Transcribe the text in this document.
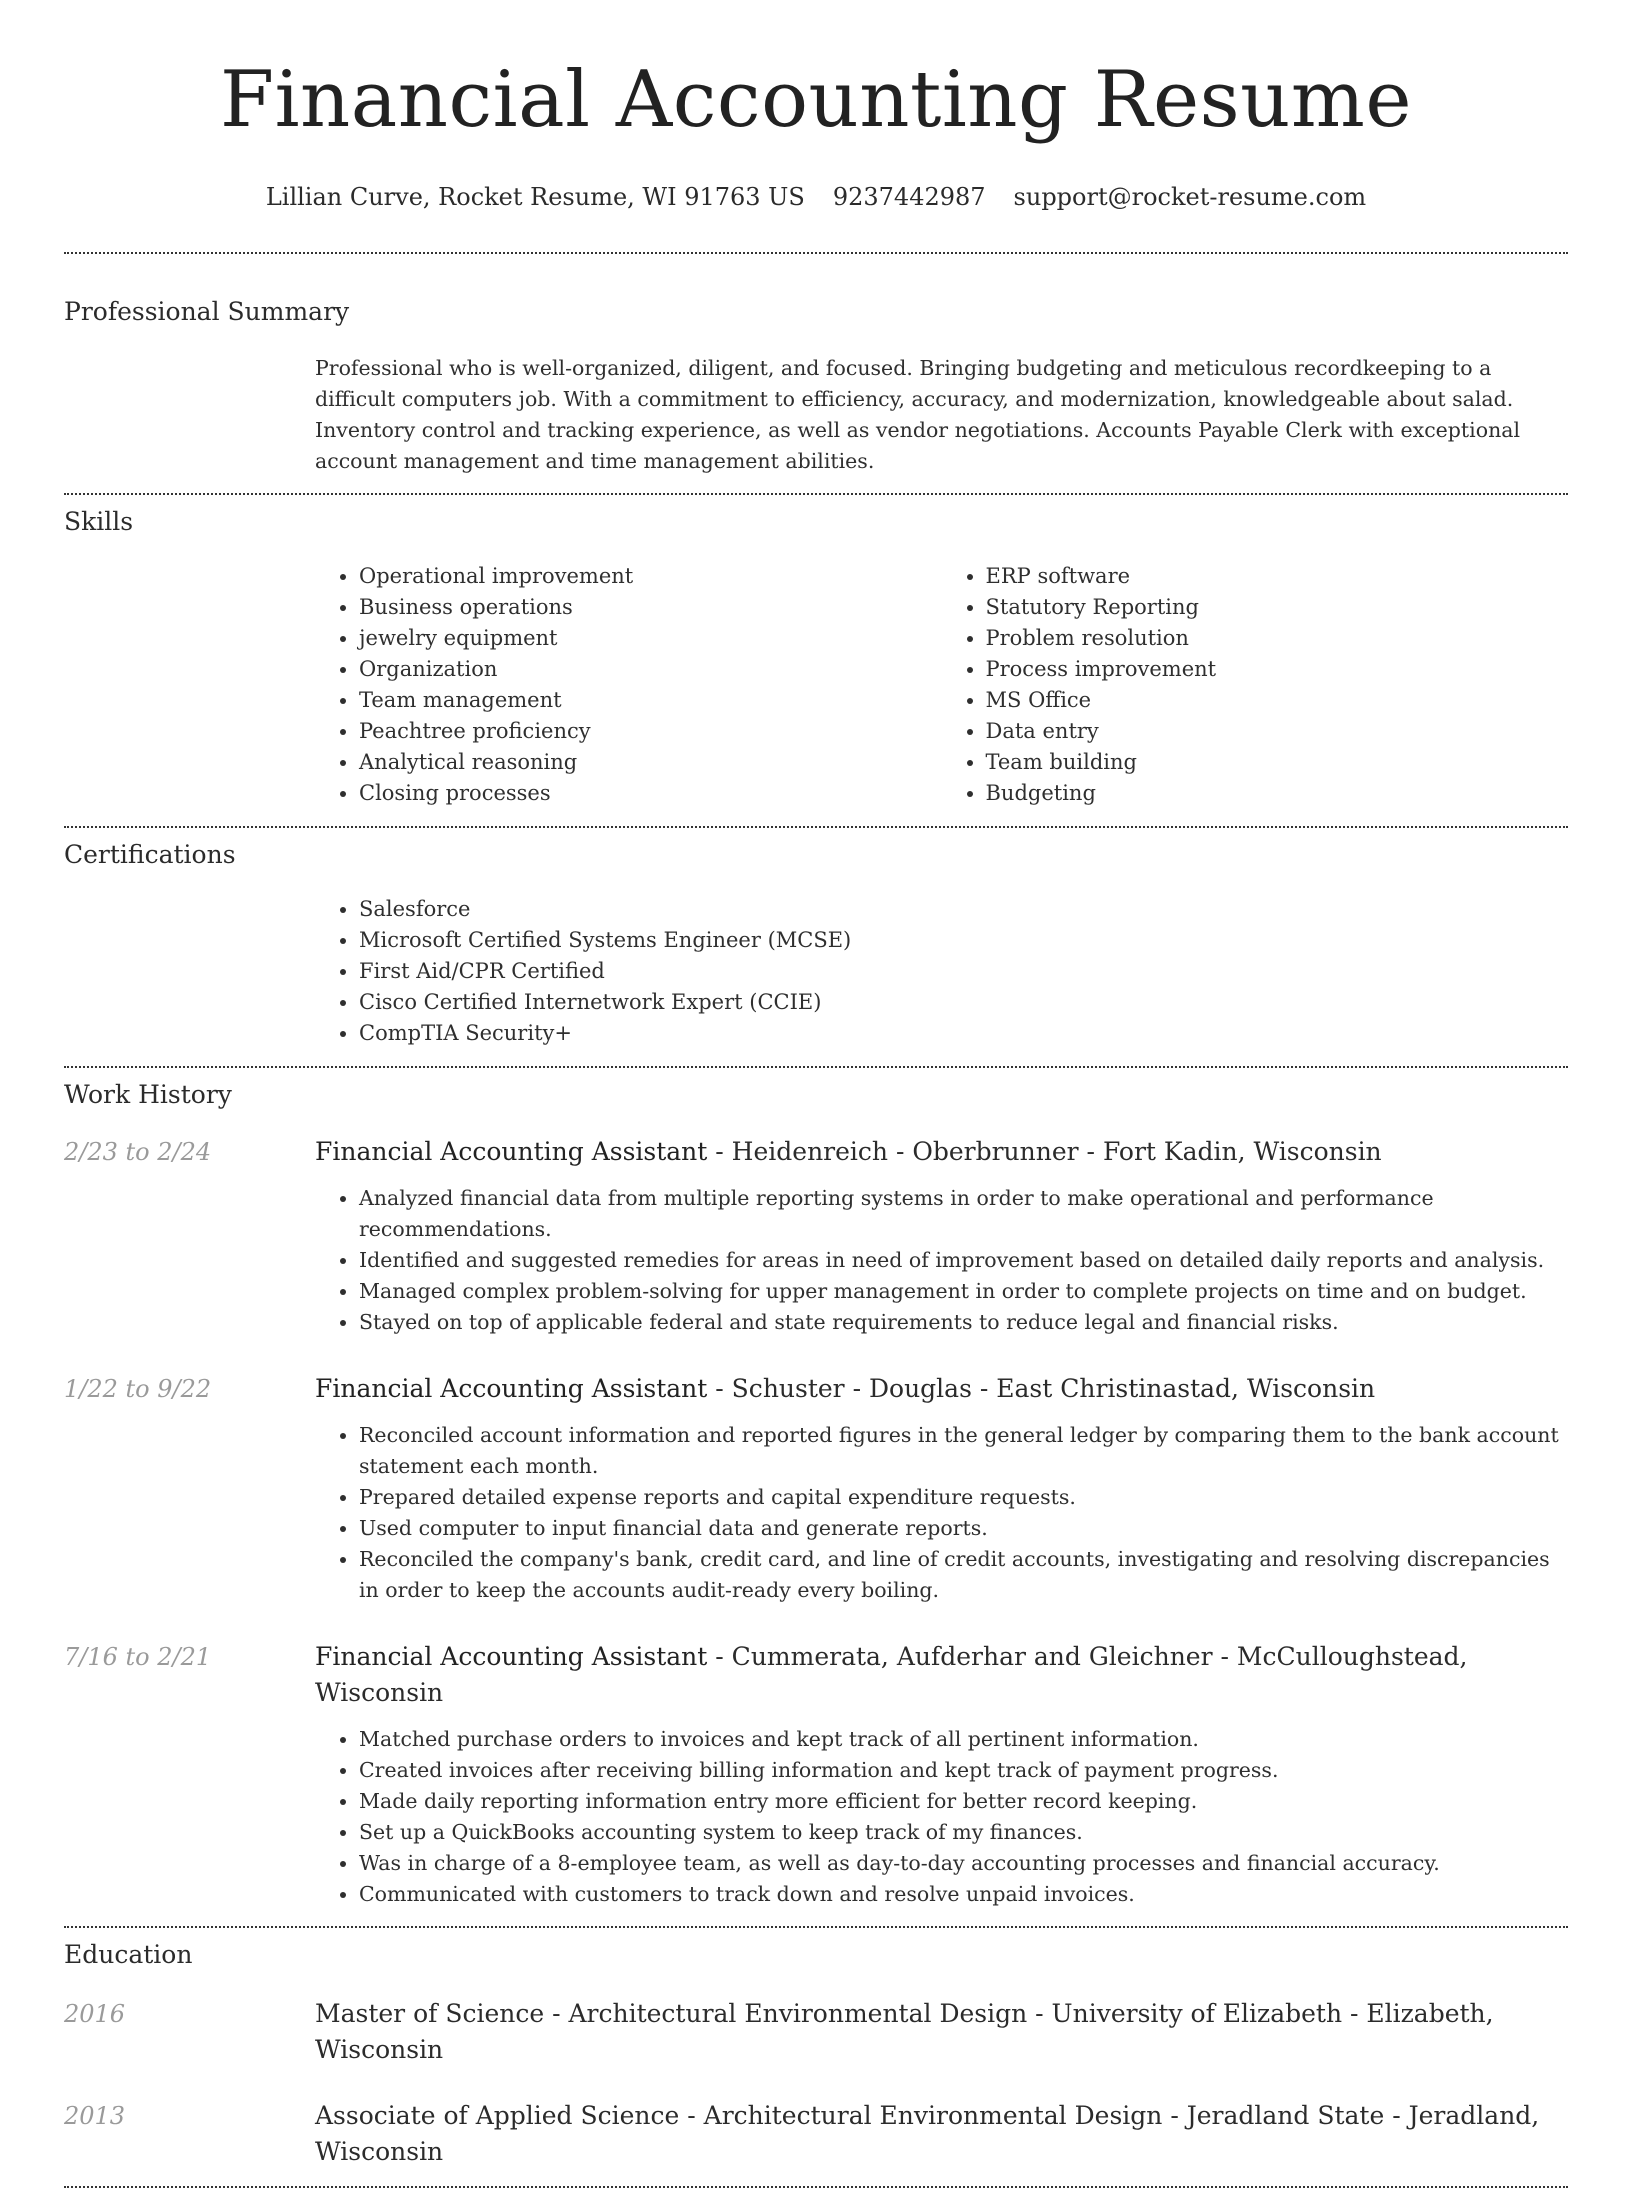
Financial Accounting Resume
Lillian Curve, Rocket Resume, WI 91763 US 9237442987 support@rocket-resume.com
Professional Summary

Professional who is well-organized, diligent, and focused. Bringing budgeting and meticulous recordkeeping to a difficult computers job. With a commitment to efficiency, accuracy, and modernization, knowledgeable about salad. Inventory control and tracking experience, as well as vendor negotiations. Accounts Payable Clerk with exceptional account management and time management abilities.

Skills
• Operational improvement
• Business operations
• jewelry equipment
• Organization
• Team management
• Peachtree proficiency
• Analytical reasoning
• Closing processes
• ERP software
• Statutory Reporting
• Problem resolution
• Process improvement
• MS Office
• Data entry
• Team building
• Budgeting
Certifications
• Salesforce
• Microsoft Certified Systems Engineer (MCSE)
• First Aid/CPR Certified
• Cisco Certified Internetwork Expert (CCIE)
• CompTIA Security+
Work History
2/23 to 2/24	Financial Accounting Assistant - Heidenreich - Oberbrunner - Fort Kadin, Wisconsin
• Analyzed financial data from multiple reporting systems in order to make operational and performance recommendations.
• Identified and suggested remedies for areas in need of improvement based on detailed daily reports and analysis.
• Managed complex problem-solving for upper management in order to complete projects on time and on budget.
• Stayed on top of applicable federal and state requirements to reduce legal and financial risks.
1/22 to 9/22	Financial Accounting Assistant - Schuster - Douglas - East Christinastad, Wisconsin
• Reconciled account information and reported figures in the general ledger by comparing them to the bank account statement each month.
• Prepared detailed expense reports and capital expenditure requests.
• Used computer to input financial data and generate reports.
• Reconciled the company's bank, credit card, and line of credit accounts, investigating and resolving discrepancies in order to keep the accounts audit-ready every boiling.
7/16 to 2/21	Financial Accounting Assistant - Cummerata, Aufderhar and Gleichner - McCulloughstead, Wisconsin
• Matched purchase orders to invoices and kept track of all pertinent information.
• Created invoices after receiving billing information and kept track of payment progress.
• Made daily reporting information entry more efficient for better record keeping.
• Set up a QuickBooks accounting system to keep track of my finances.
• Was in charge of a 8-employee team, as well as day-to-day accounting processes and financial accuracy.
• Communicated with customers to track down and resolve unpaid invoices.
Education
2016	Master of Science - Architectural Environmental Design - University of Elizabeth - Elizabeth, Wisconsin
2013	Associate of Applied Science - Architectural Environmental Design - Jeradland State - Jeradland, Wisconsin
